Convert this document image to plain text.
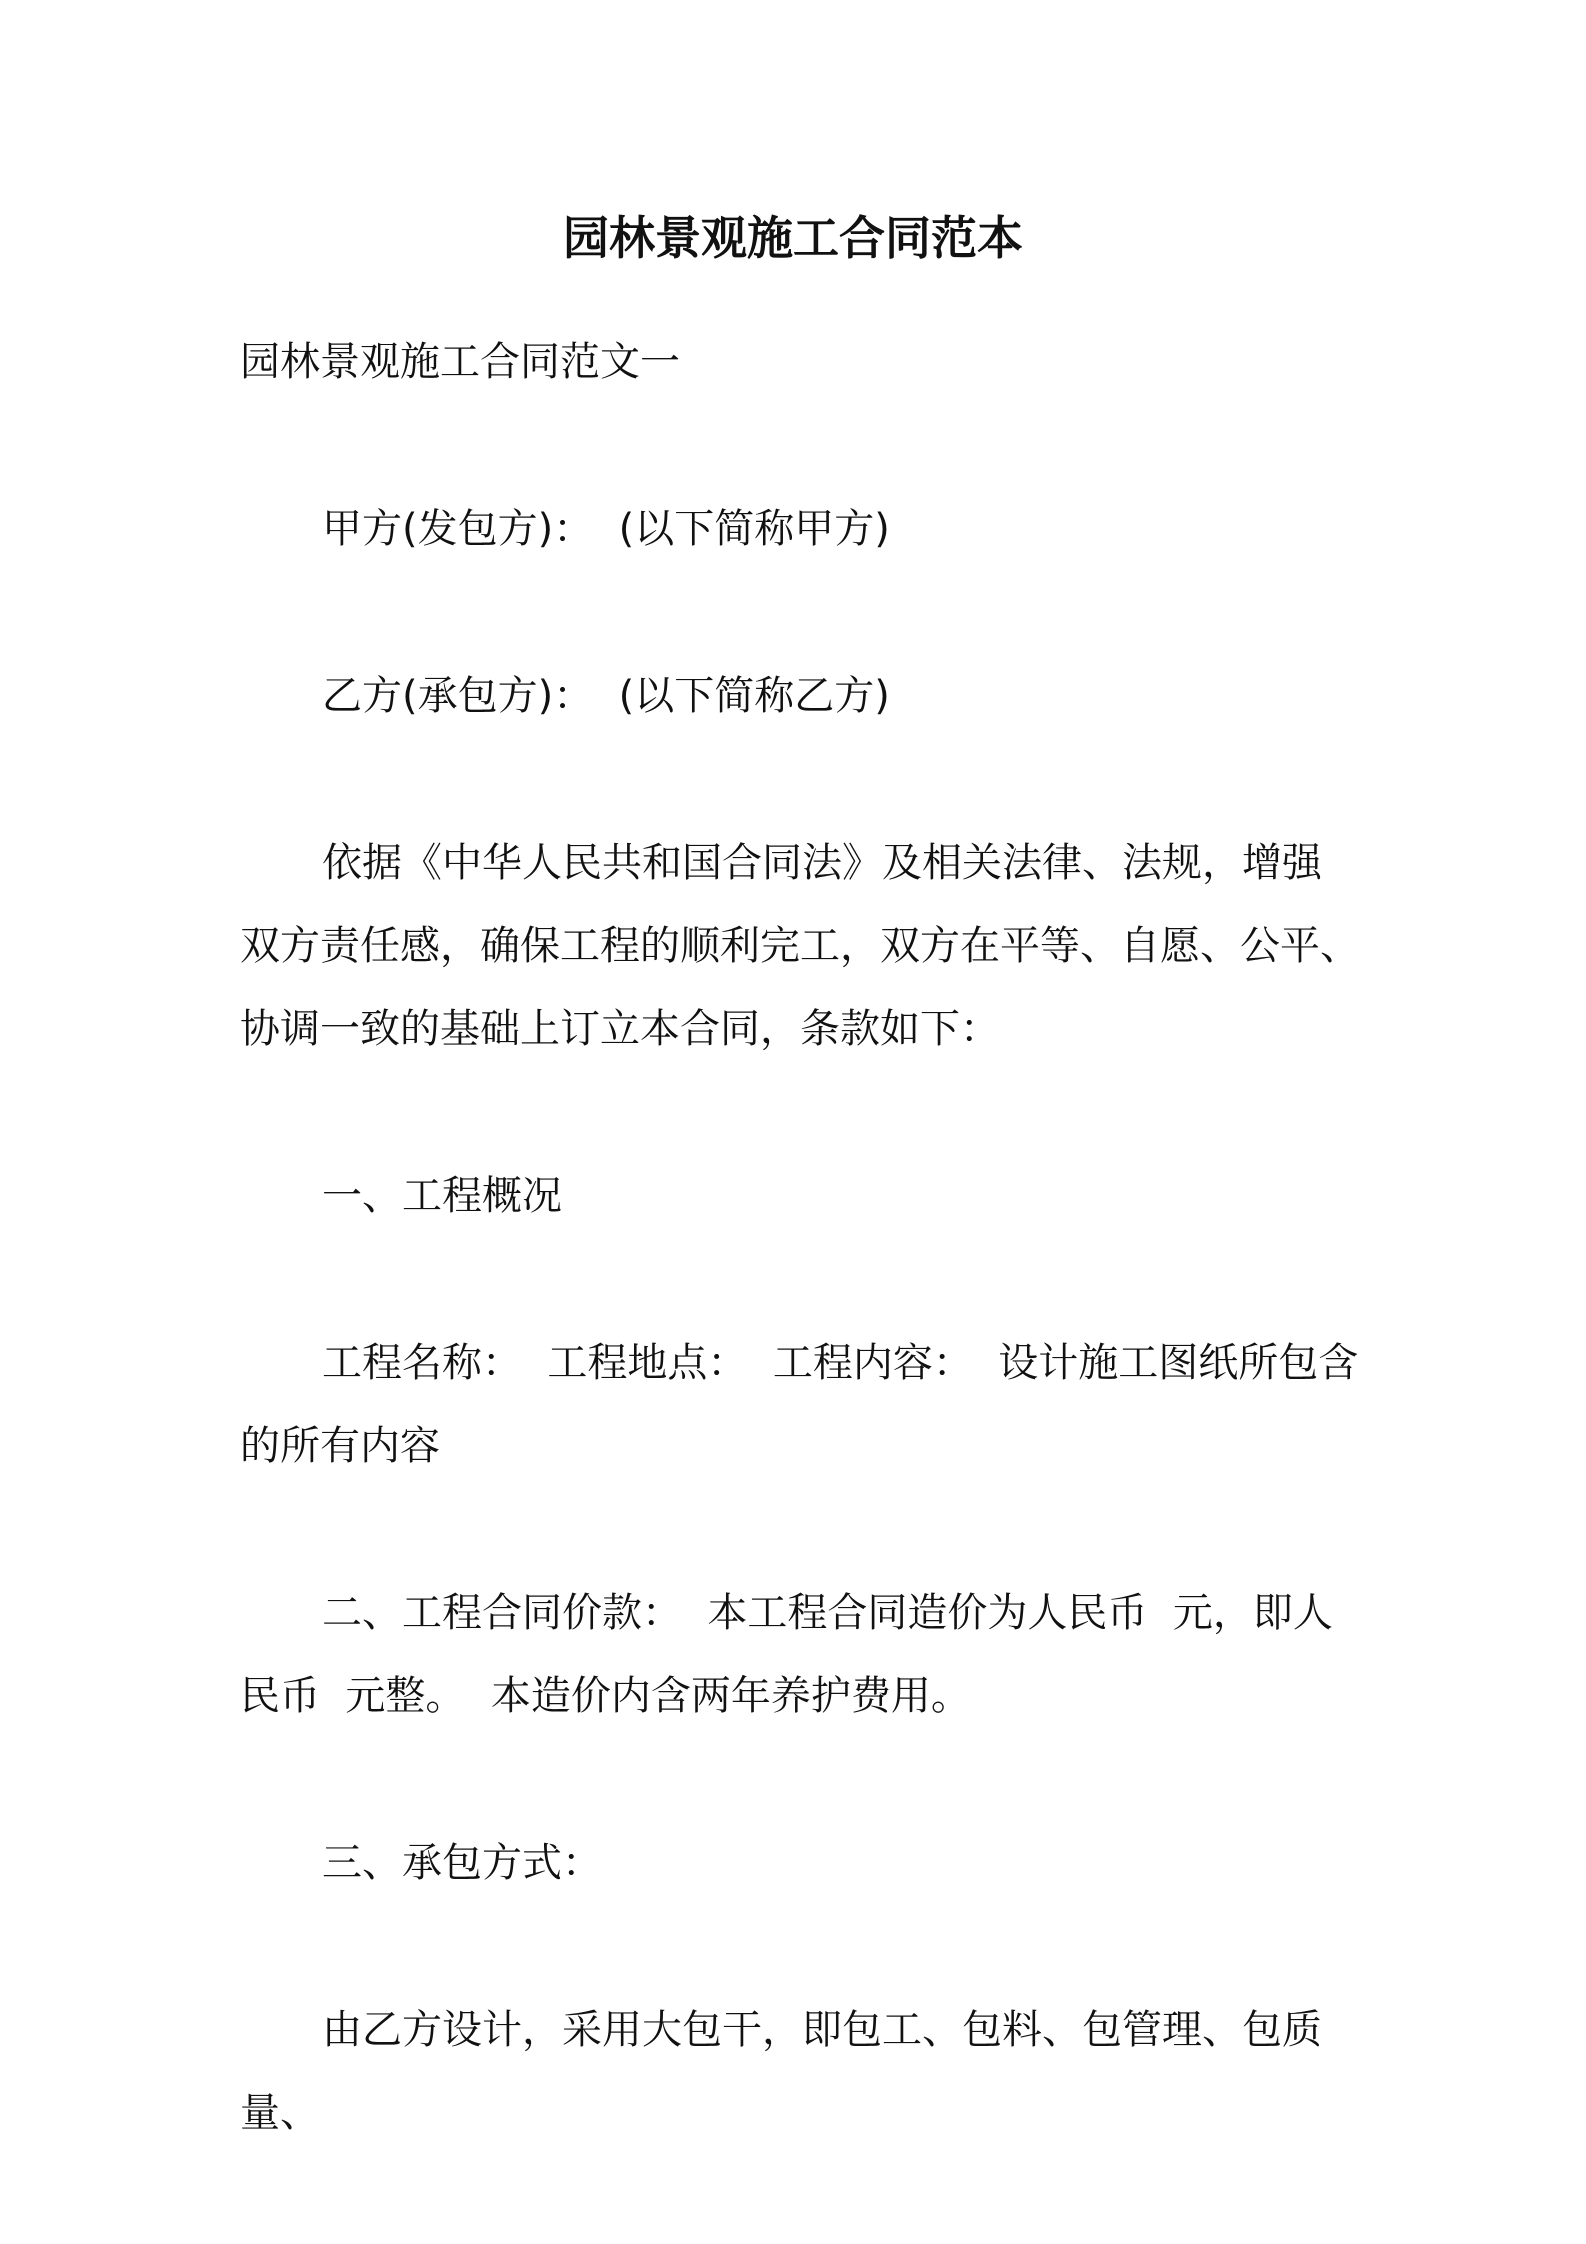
园林景观施工合同范本
园林景观施工合同范文一
甲方(发包方)：  (以下简称甲方)
乙方(承包方)：  (以下简称乙方)
依据《中华人民共和国合同法》及相关法律、法规，增强双方责任感，确保工程的顺利完工，双方在平等、自愿、公平、协调一致的基础上订立本合同，条款如下：
一、工程概况
工程名称：  工程地点：  工程内容：  设计施工图纸所包含的所有内容
二、工程合同价款：  本工程合同造价为人民币  元，即人民币  元整。  本造价内含两年养护费用。
三、承包方式：
由乙方设计，采用大包干，即包工、包料、包管理、包质量、
